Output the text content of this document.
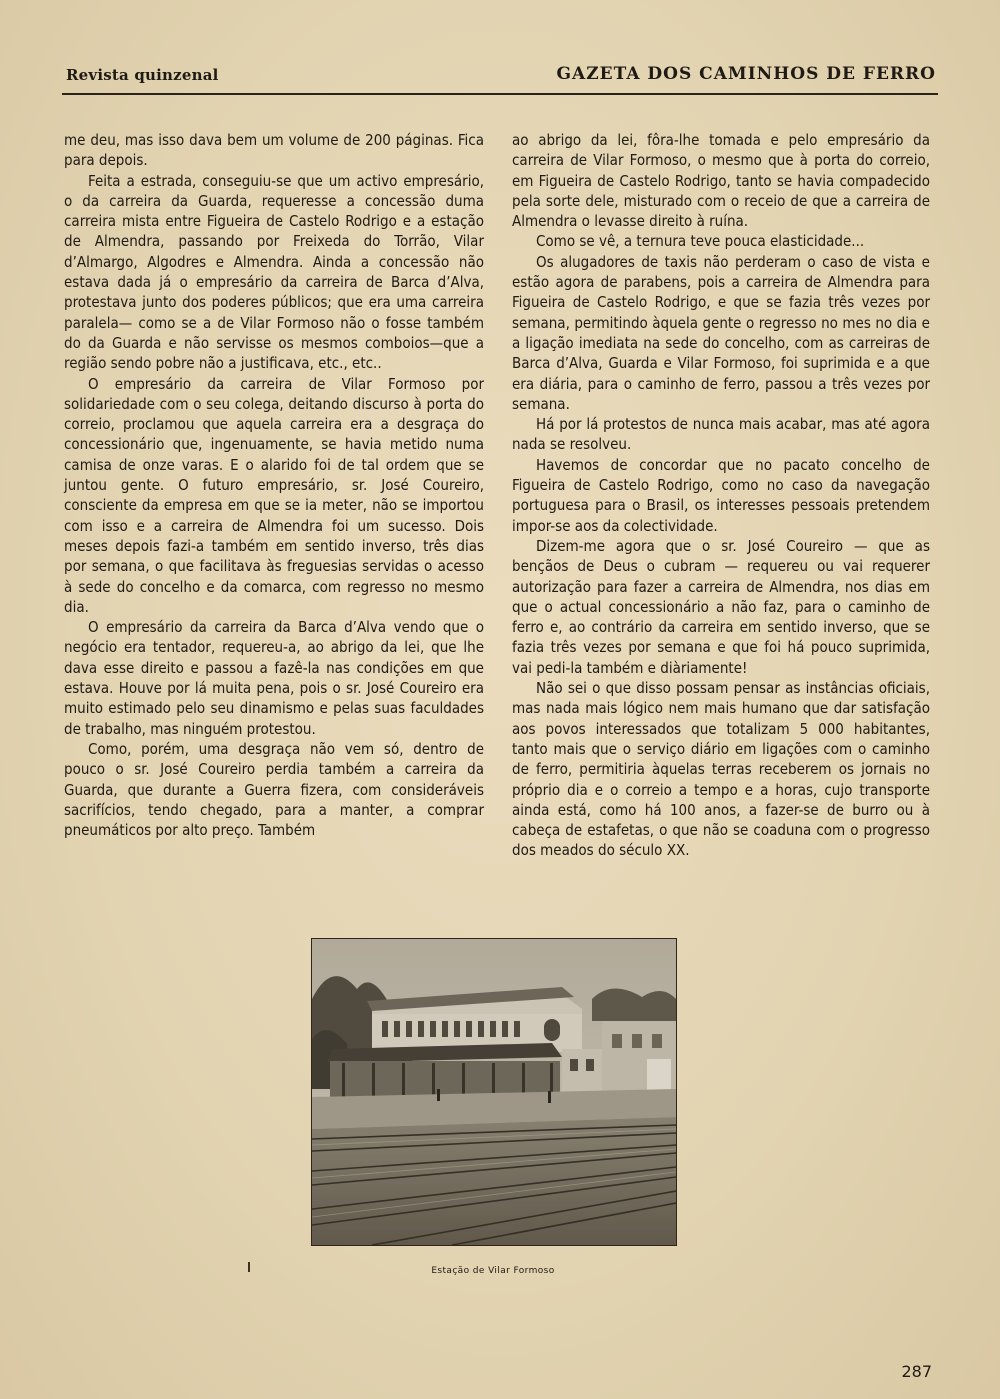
Revista quinzenal	GAZETA DOS CAMINHOS DE FERRO

me deu, mas isso dava bem um volume de 200 páginas. Fica para depois.

Feita a estrada, conseguiu-se que um activo empresário, o da carreira da Guarda, requeresse a concessão duma carreira mista entre Figueira de Castelo Rodrigo e a estação de Almendra, passando por Freixeda do Torrão, Vilar d’Almargo, Algodres e Almendra. Ainda a concessão não estava dada já o empresário da carreira de Barca d’Alva, protestava junto dos poderes públicos; que era uma carreira paralela— como se a de Vilar Formoso não o fosse também do da Guarda e não servisse os mesmos comboios—que a região sendo pobre não a justificava, etc., etc..

O empresário da carreira de Vilar Formoso por solidariedade com o seu colega, deitando discurso à porta do correio, proclamou que aquela carreira era a desgraça do concessionário que, ingenuamente, se havia metido numa camisa de onze varas. E o alarido foi de tal ordem que se juntou gente. O futuro empresário, sr. José Coureiro, consciente da empresa em que se ia meter, não se importou com isso e a carreira de Almendra foi um sucesso. Dois meses depois fazi-a também em sentido inverso, três dias por semana, o que facilitava às freguesias servidas o acesso à sede do concelho e da comarca, com regresso no mesmo dia.

O empresário da carreira da Barca d’Alva vendo que o negócio era tentador, requereu-a, ao abrigo da lei, que lhe dava esse direito e passou a fazê-la nas condições em que estava. Houve por lá muita pena, pois o sr. José Coureiro era muito estimado pelo seu dinamismo e pelas suas faculdades de trabalho, mas ninguém protestou.

Como, porém, uma desgraça não vem só, dentro de pouco o sr. José Coureiro perdia também a carreira da Guarda, que durante a Guerra fizera, com consideráveis sacrifícios, tendo chegado, para a manter, a comprar pneumáticos por alto preço. Também

ao abrigo da lei, fôra-lhe tomada e pelo empresário da carreira de Vilar Formoso, o mesmo que à porta do correio, em Figueira de Castelo Rodrigo, tanto se havia compadecido pela sorte dele, misturado com o receio de que a carreira de Almendra o levasse direito à ruína.

Como se vê, a ternura teve pouca elasticidade...

Os alugadores de taxis não perderam o caso de vista e estão agora de parabens, pois a carreira de Almendra para Figueira de Castelo Rodrigo, e que se fazia três vezes por semana, permitindo àquela gente o regresso no mes no dia e a ligação imediata na sede do concelho, com as carreiras de Barca d’Alva, Guarda e Vilar Formoso, foi suprimida e a que era diária, para o caminho de ferro, passou a três vezes por semana.

Há por lá protestos de nunca mais acabar, mas até agora nada se resolveu.

Havemos de concordar que no pacato concelho de Figueira de Castelo Rodrigo, como no caso da navegação portuguesa para o Brasil, os interesses pessoais pretendem impor-se aos da colectividade.

Dizem-me agora que o sr. José Coureiro — que as bençãos de Deus o cubram — requereu ou vai requerer autorização para fazer a carreira de Almendra, nos dias em que o actual concessionário a não faz, para o caminho de ferro e, ao contrário da carreira em sentido inverso, que se fazia três vezes por semana e que foi há pouco suprimida, vai pedi-la também e diàriamente!

Não sei o que disso possam pensar as instâncias oficiais, mas nada mais lógico nem mais humano que dar satisfação aos povos interessados que totalizam 5 000 habitantes, tanto mais que o serviço diário em ligações com o caminho de ferro, permitiria àquelas terras receberem os jornais no próprio dia e o correio a tempo e a horas, cujo transporte ainda está, como há 100 anos, a fazer-se de burro ou à cabeça de estafetas, o que não se coaduna com o progresso dos meados do século XX.

Estação de Vilar Formoso
287
